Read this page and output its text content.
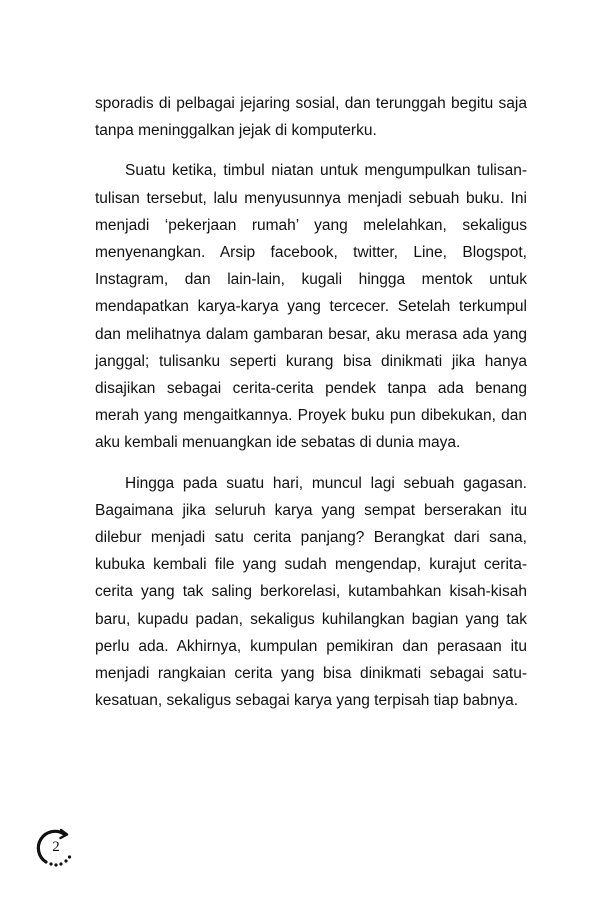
sporadis di pelbagai jejaring sosial, dan terunggah begitu saja tanpa meninggalkan jejak di komputerku.

Suatu ketika, timbul niatan untuk mengumpulkan tulisan-tulisan tersebut, lalu menyusunnya menjadi sebuah buku. Ini menjadi ‘pekerjaan rumah’ yang melelahkan, sekaligus menyenangkan. Arsip facebook, twitter, Line, Blogspot, Instagram, dan lain-lain, kugali hingga mentok untuk mendapatkan karya-karya yang tercecer. Setelah terkumpul dan melihatnya dalam gambaran besar, aku merasa ada yang janggal; tulisanku seperti kurang bisa dinikmati jika hanya disajikan sebagai cerita-cerita pendek tanpa ada benang merah yang mengaitkannya. Proyek buku pun dibekukan, dan aku kembali menuangkan ide sebatas di dunia maya.

Hingga pada suatu hari, muncul lagi sebuah gagasan. Bagaimana jika seluruh karya yang sempat berserakan itu dilebur menjadi satu cerita panjang? Berangkat dari sana, kubuka kembali file yang sudah mengendap, kurajut cerita-cerita yang tak saling berkorelasi, kutambahkan kisah-kisah baru, kupadu padan, sekaligus kuhilangkan bagian yang tak perlu ada. Akhirnya, kumpulan pemikiran dan perasaan itu menjadi rangkaian cerita yang bisa dinikmati sebagai satu-kesatuan, sekaligus sebagai karya yang terpisah tiap babnya.

2
